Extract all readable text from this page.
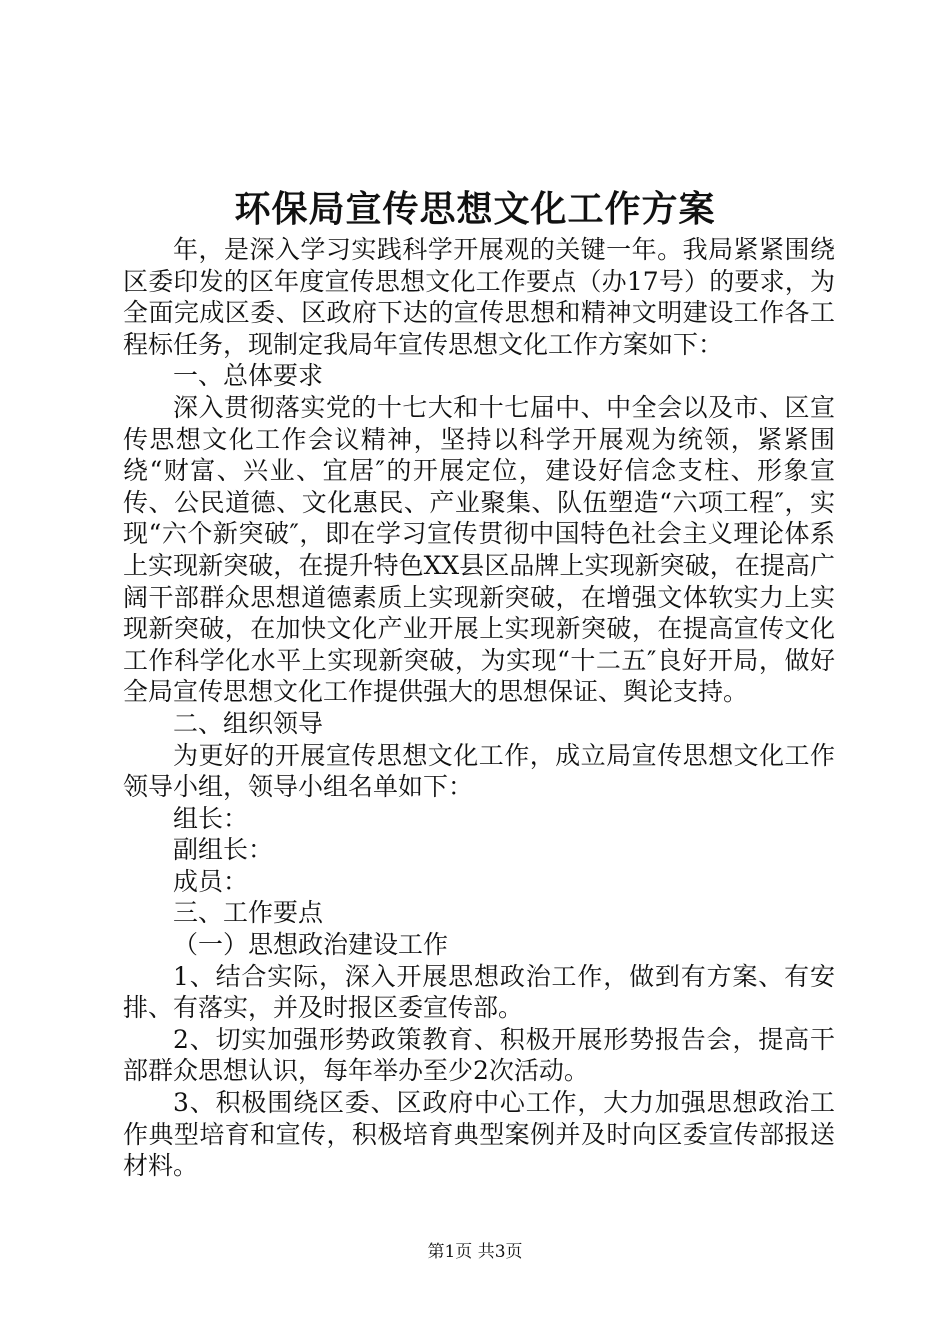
环保局宣传思想文化工作方案

年，是深入学习实践科学开展观的关键一年。我局紧紧围绕区委印发的区年度宣传思想文化工作要点（办17号）的要求，为全面完成区委、区政府下达的宣传思想和精神文明建设工作各工程标任务，现制定我局年宣传思想文化工作方案如下：

一、总体要求

深入贯彻落实党的十七大和十七届中、中全会以及市、区宣传思想文化工作会议精神，坚持以科学开展观为统领，紧紧围绕“财富、兴业、宜居″的开展定位，建设好信念支柱、形象宣传、公民道德、文化惠民、产业聚集、队伍塑造“六项工程″，实现“六个新突破″，即在学习宣传贯彻中国特色社会主义理论体系上实现新突破，在提升特色XX县区品牌上实现新突破，在提高广阔干部群众思想道德素质上实现新突破，在增强文体软实力上实现新突破，在加快文化产业开展上实现新突破，在提高宣传文化工作科学化水平上实现新突破，为实现“十二五″良好开局，做好全局宣传思想文化工作提供强大的思想保证、舆论支持。

二、组织领导

为更好的开展宣传思想文化工作，成立局宣传思想文化工作领导小组，领导小组名单如下：

组长：

副组长：

成员：

三、工作要点

（一）思想政治建设工作

1、结合实际，深入开展思想政治工作，做到有方案、有安排、有落实，并及时报区委宣传部。

2、切实加强形势政策教育、积极开展形势报告会，提高干部群众思想认识，每年举办至少2次活动。

3、积极围绕区委、区政府中心工作，大力加强思想政治工作典型培育和宣传，积极培育典型案例并及时向区委宣传部报送材料。

第1页 共3页
